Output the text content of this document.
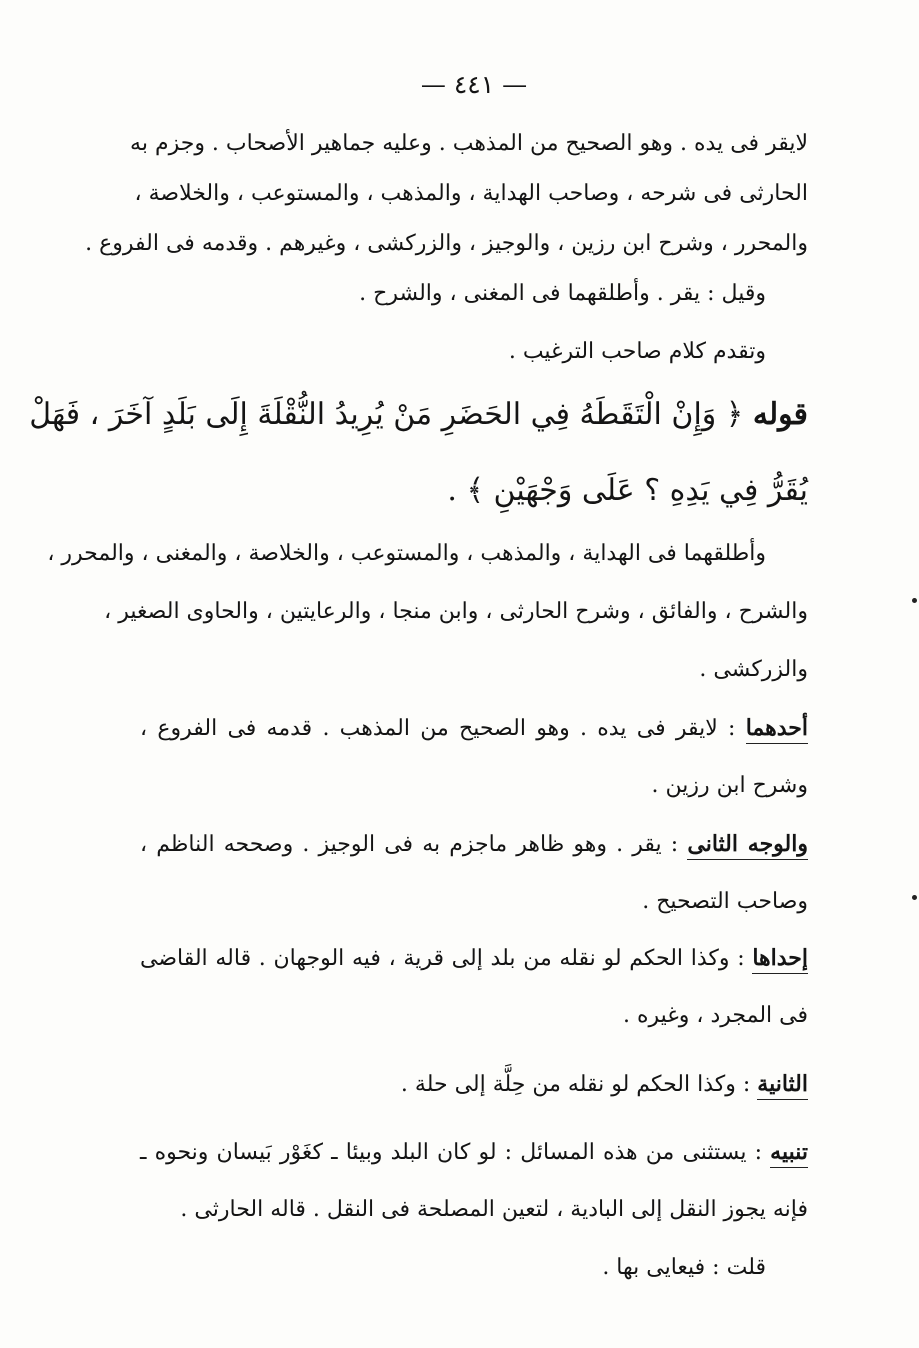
— ٤٤١ —
لايقر فى يده . وهو الصحيح من المذهب . وعليه جماهير الأصحاب . وجزم به
الحارثى فى شرحه ، وصاحب الهداية ، والمذهب ، والمستوعب ، والخلاصة ،
والمحرر ، وشرح ابن رزين ، والوجيز ، والزركشى ، وغيرهم . وقدمه فى الفروع .
وقيل : يقر . وأطلقهما فى المغنى ، والشرح .
وتقدم كلام صاحب الترغيب .
قوله ﴿ وَإِنْ الْتَقَطَهُ فِي الحَضَرِ مَنْ يُرِيدُ النُّقْلَةَ إِلَى بَلَدٍ آخَرَ ، فَهَلْ
يُقَرُّ فِي يَدِهِ ؟ عَلَى وَجْهَيْنِ ﴾ .
وأطلقهما فى الهداية ، والمذهب ، والمستوعب ، والخلاصة ، والمغنى ، والمحرر ،
والشرح ، والفائق ، وشرح الحارثى ، وابن منجا ، والرعايتين ، والحاوى الصغير ،
والزركشى .
أحدهما : لايقر فى يده . وهو الصحيح من المذهب . قدمه فى الفروع ،
وشرح ابن رزين .
والوجه الثانى : يقر . وهو ظاهر ماجزم به فى الوجيز . وصححه الناظم ،
وصاحب التصحيح .
إحداها : وكذا الحكم لو نقله من بلد إلى قرية ، فيه الوجهان . قاله القاضى
فى المجرد ، وغيره .
الثانية : وكذا الحكم لو نقله من حِلَّة إلى حلة .
تنبيه : يستثنى من هذه المسائل : لو كان البلد وبيئا ـ كغَوْر بَيسان ونحوه ـ
فإنه يجوز النقل إلى البادية ، لتعين المصلحة فى النقل . قاله الحارثى .
قلت : فيعايى بها .
